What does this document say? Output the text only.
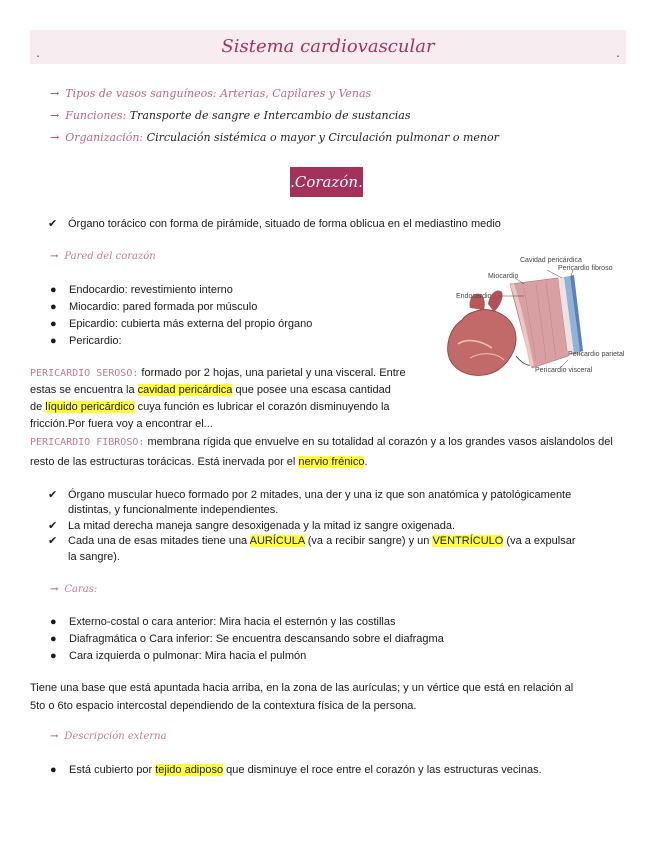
.	Sistema cardiovascular	.
→ Tipos de vasos sanguíneos: Arterias, Capilares y Venas
→ Funciones: Transporte de sangre e Intercambio de sustancias
→ Organización: Circulación sistémica o mayor y Circulación pulmonar o menor
.Corazón.
✔ Órgano torácico con forma de pirámide, situado de forma oblicua en el mediastino medio
→ Pared del corazón
● Endocardio: revestimiento interno
● Miocardio: pared formada por músculo
● Epicardio: cubierta más externa del propio órgano
● Pericardio:
Cavidad pericárdica
Pericardio fibroso
Miocardio
Endocardio
Pericardio parietal
Pericardio visceral
PERICARDIO SEROSO: formado por 2 hojas, una parietal y una visceral. Entre
estas se encuentra la cavidad pericárdica que posee una escasa cantidad
de líquido pericárdico cuya función es lubricar el corazón disminuyendo la
fricción.Por fuera voy a encontrar el...
PERICARDIO FIBROSO: membrana rígida que envuelve en su totalidad al corazón y a los grandes vasos aislandolos del
resto de las estructuras torácicas. Está inervada por el nervio frénico.
✔ Órgano muscular hueco formado por 2 mitades, una der y una iz que son anatómica y patológicamente
distintas, y funcionalmente independientes.
✔ La mitad derecha maneja sangre desoxigenada y la mitad iz sangre oxigenada.
✔ Cada una de esas mitades tiene una AURÍCULA (va a recibir sangre) y un VENTRÍCULO (va a expulsar
la sangre).
→ Caras:
● Externo-costal o cara anterior: Mira hacia el esternón y las costillas
● Diafragmática o Cara inferior: Se encuentra descansando sobre el diafragma
● Cara izquierda o pulmonar: Mira hacia el pulmón
Tiene una base que está apuntada hacia arriba, en la zona de las aurículas; y un vértice que está en relación al
5to o 6to espacio intercostal dependiendo de la contextura física de la persona.
→ Descripción externa
● Está cubierto por tejido adiposo que disminuye el roce entre el corazón y las estructuras vecinas.
